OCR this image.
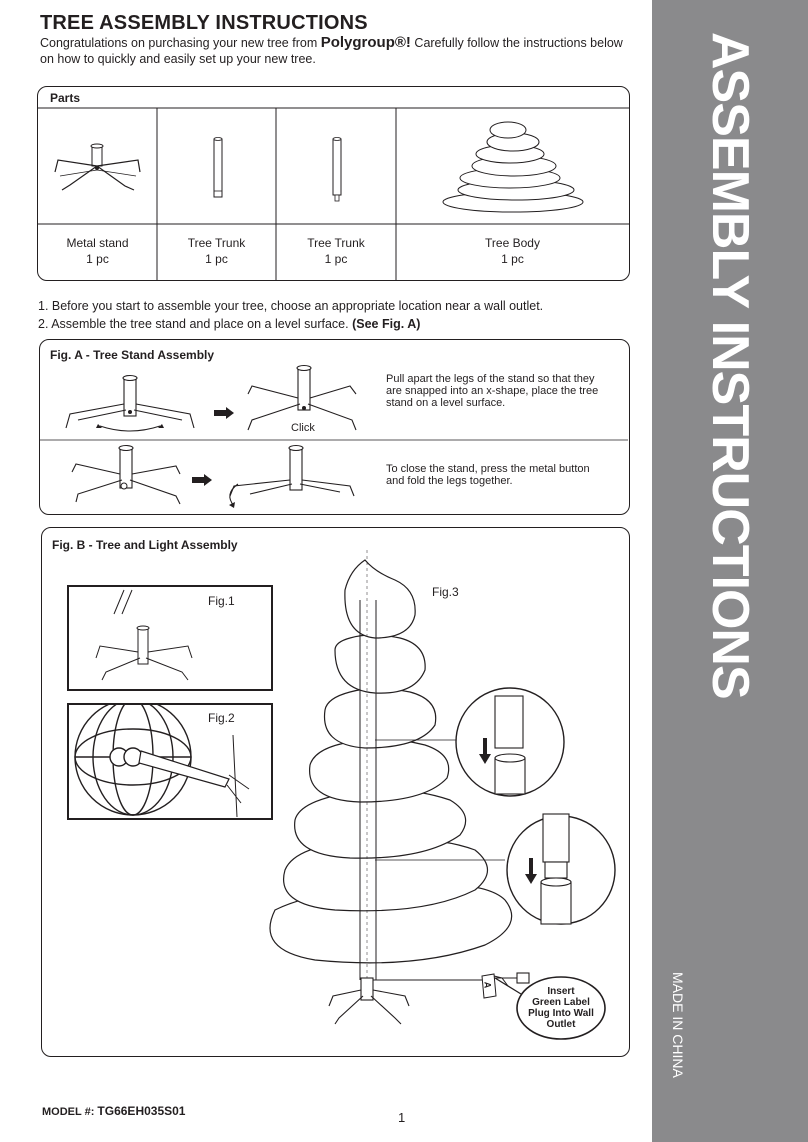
ASSEMBLY INSTRUCTIONS
MADE IN CHINA
TREE ASSEMBLY INSTRUCTIONS
Congratulations on purchasing your new tree from Polygroup®! Carefully follow the instructions below on how to quickly and easily set up your new tree.
Parts
Metal stand
1 pc
Tree Trunk
1 pc
Tree Trunk
1 pc
Tree Body
1 pc
1. Before you start to assemble your tree, choose an appropriate location near a wall outlet.
2. Assemble the tree stand and place on a level surface. (See Fig. A)
Fig. A - Tree Stand Assembly
Click
Pull apart the legs of the stand so that they are snapped into an x-shape, place the tree stand on a level surface.
To close the stand, press the metal button and fold the legs together.
Fig. B - Tree and Light Assembly
Fig.1
Fig.2
Fig.3
A
Insert
Green Label
Plug Into Wall
Outlet
MODEL #: TG66EH035S01	1
